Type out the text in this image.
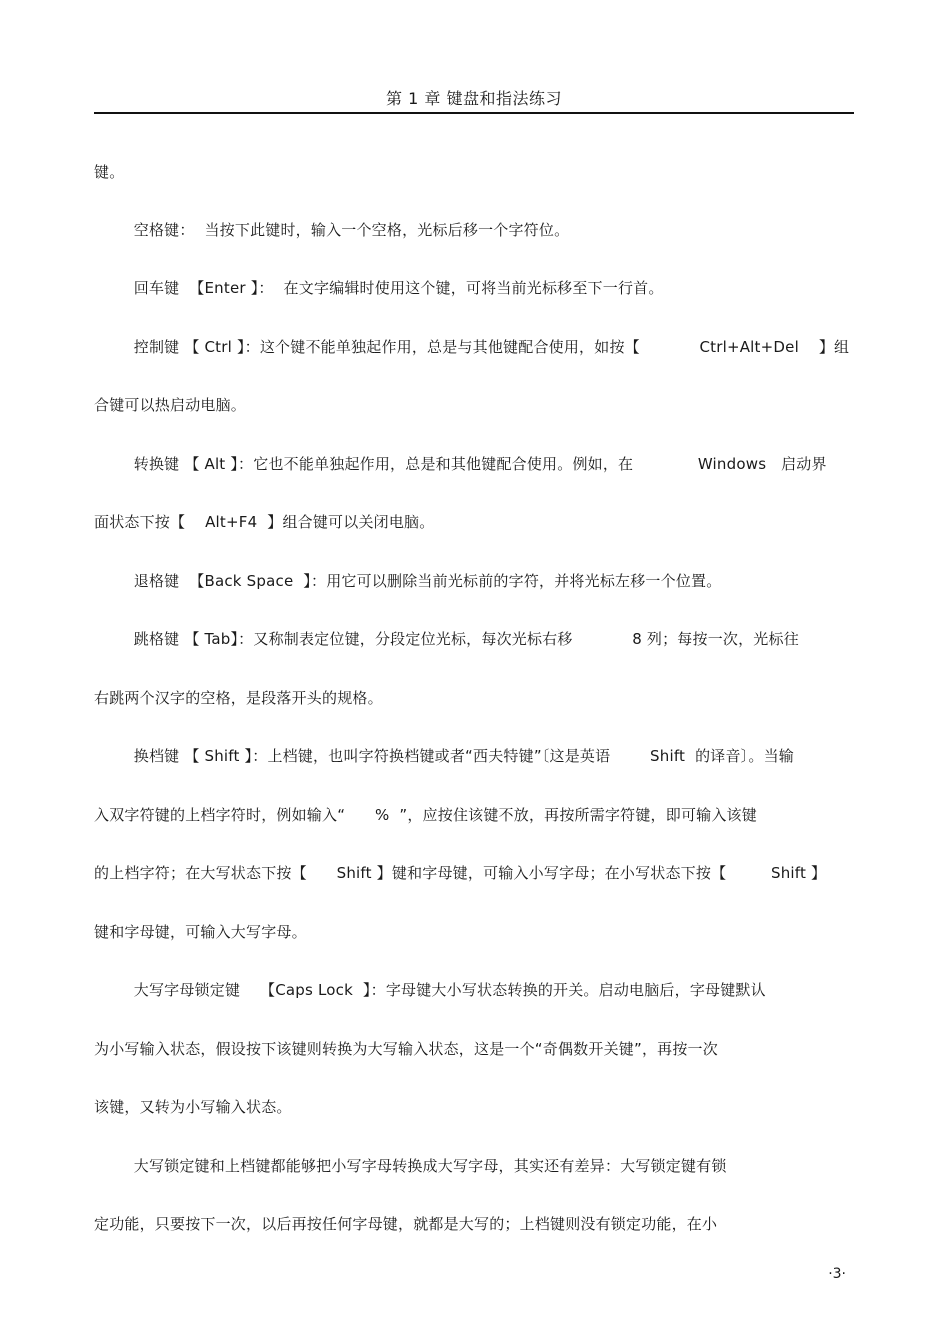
第 1 章 键盘和指法练习
键。
空格键：  当按下此键时，输入一个空格，光标后移一个字符位。
回车键  【Enter 】：  在文字编辑时使用这个键，可将当前光标移至下一行首。
控制键 【 Ctrl 】：这个键不能单独起作用，总是与其他键配合使用，如按【            Ctrl+Alt+Del    】组
合键可以热启动电脑。
转换键 【 Alt 】：它也不能单独起作用，总是和其他键配合使用。例如，在             Windows   启动界
面状态下按【    Alt+F4  】组合键可以关闭电脑。
退格键  【Back Space  】：用它可以删除当前光标前的字符，并将光标左移一个位置。
跳格键 【 Tab】：又称制表定位键，分段定位光标，每次光标右移            8 列；每按一次，光标往
右跳两个汉字的空格，是段落开头的规格。
换档键 【 Shift 】：上档键，也叫字符换档键或者“西夫特键”〔这是英语        Shift  的译音〕。当输
入双字符键的上档字符时，例如输入“      %  ”，应按住该键不放，再按所需字符键，即可输入该键
的上档字符；在大写状态下按【      Shift 】键和字母键，可输入小写字母；在小写状态下按【         Shift 】
键和字母键，可输入大写字母。
大写字母锁定键    【Caps Lock  】：字母键大小写状态转换的开关。启动电脑后，字母键默认
为小写输入状态，假设按下该键则转换为大写输入状态，这是一个“奇偶数开关键”，再按一次
该键，又转为小写输入状态。
大写锁定键和上档键都能够把小写字母转换成大写字母，其实还有差异：大写锁定键有锁
定功能，只要按下一次，以后再按任何字母键，就都是大写的；上档键则没有锁定功能，在小
·3·
